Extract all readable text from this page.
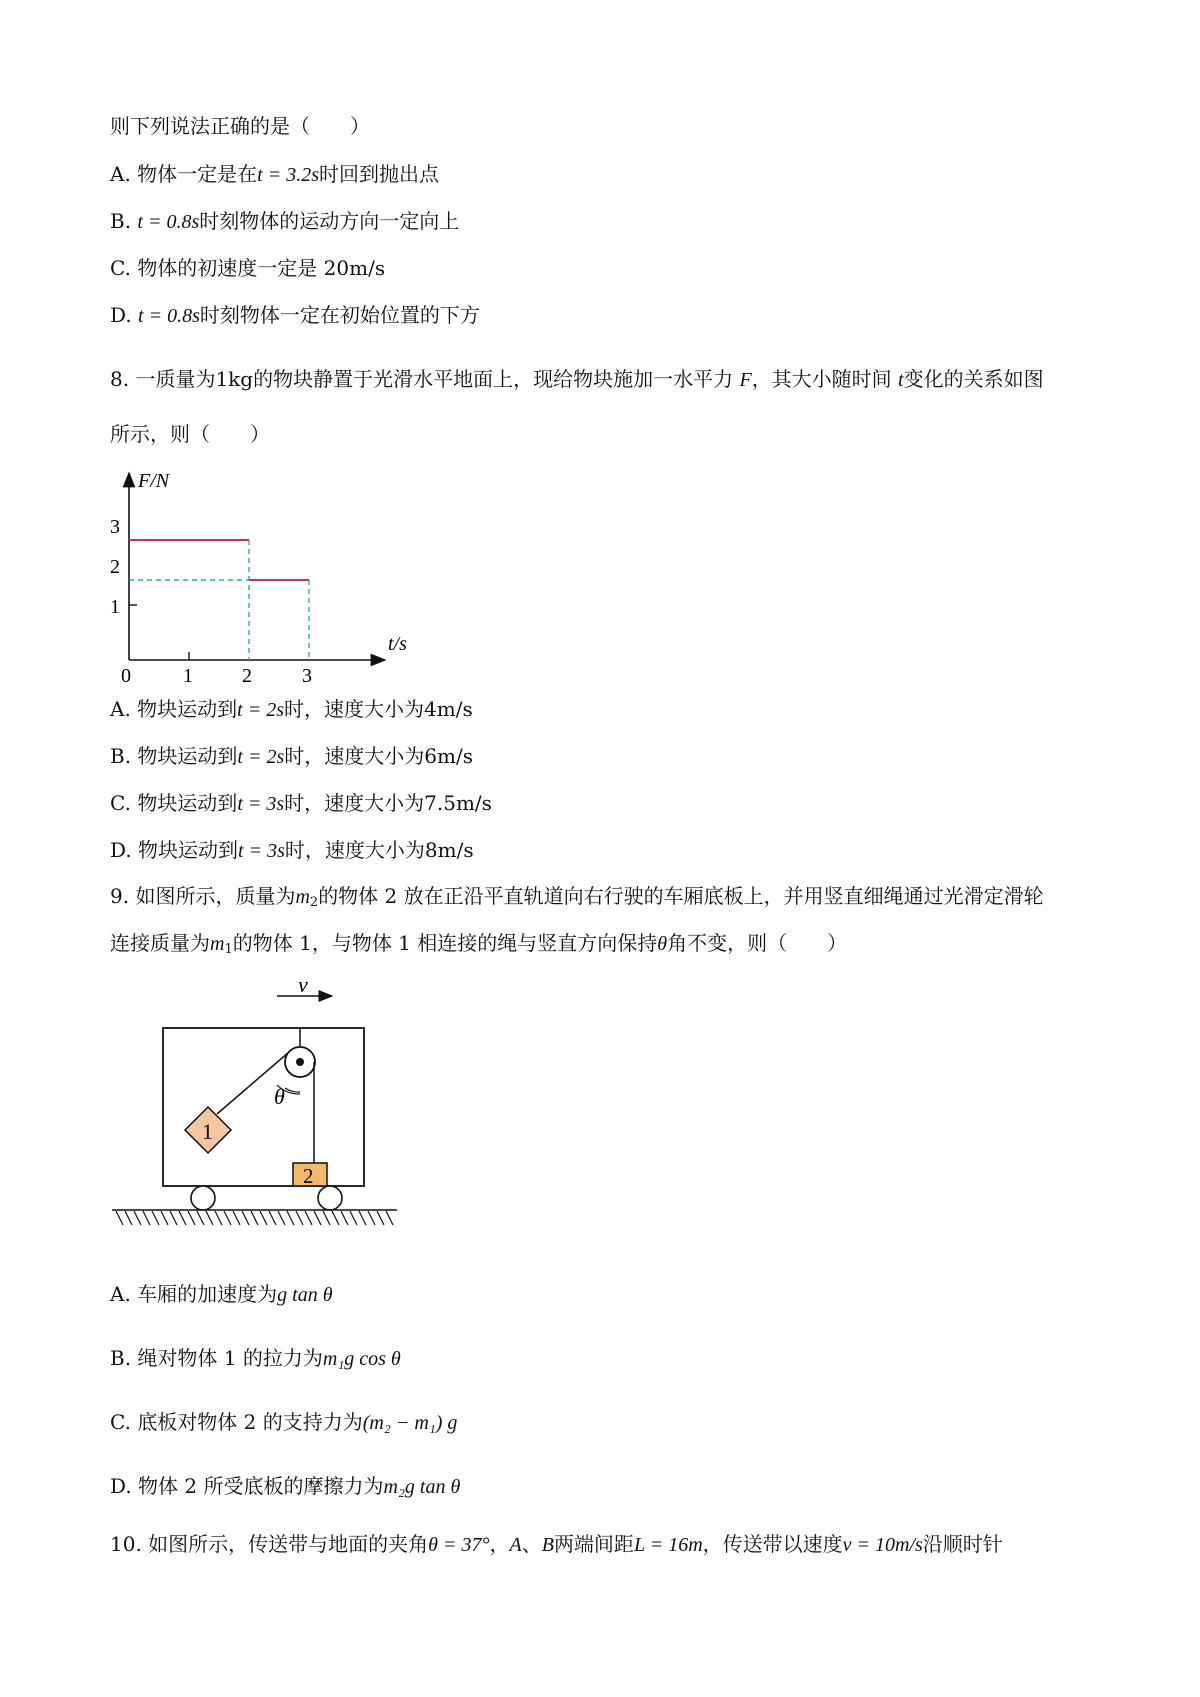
则下列说法正确的是（　　）
A. 物体一定是在t = 3.2s时回到抛出点
B. t = 0.8s时刻物体的运动方向一定向上
C. 物体的初速度一定是 20m/s
D. t = 0.8s时刻物体一定在初始位置的下方
8. 一质量为1kg的物块静置于光滑水平地面上，现给物块施加一水平力 F，其大小随时间 t变化的关系如图
所示，则（　　）
F/N
t/s
1
2
3
0	1 2	3
A. 物块运动到t = 2s时，速度大小为4m/s
B. 物块运动到t = 2s时，速度大小为6m/s
C. 物块运动到t = 3s时，速度大小为7.5m/s
D. 物块运动到t = 3s时，速度大小为8m/s
9. 如图所示，质量为$m_2$的物体 2 放在正沿平直轨道向右行驶的车厢底板上，并用竖直细绳通过光滑定滑轮
连接质量为$m_1$的物体 1，与物体 1 相连接的绳与竖直方向保持θ角不变，则（　　）
v
θ
1
2
A. 车厢的加速度为g tan θ
B. 绳对物体 1 的拉力为m₁g cos θ
C. 底板对物体 2 的支持力为(m₂ − m₁) g
D. 物体 2 所受底板的摩擦力为m₂g tan θ
10. 如图所示，传送带与地面的夹角θ = 37°，A、B两端间距L = 16m，传送带以速度v = 10m/s沿顺时针
